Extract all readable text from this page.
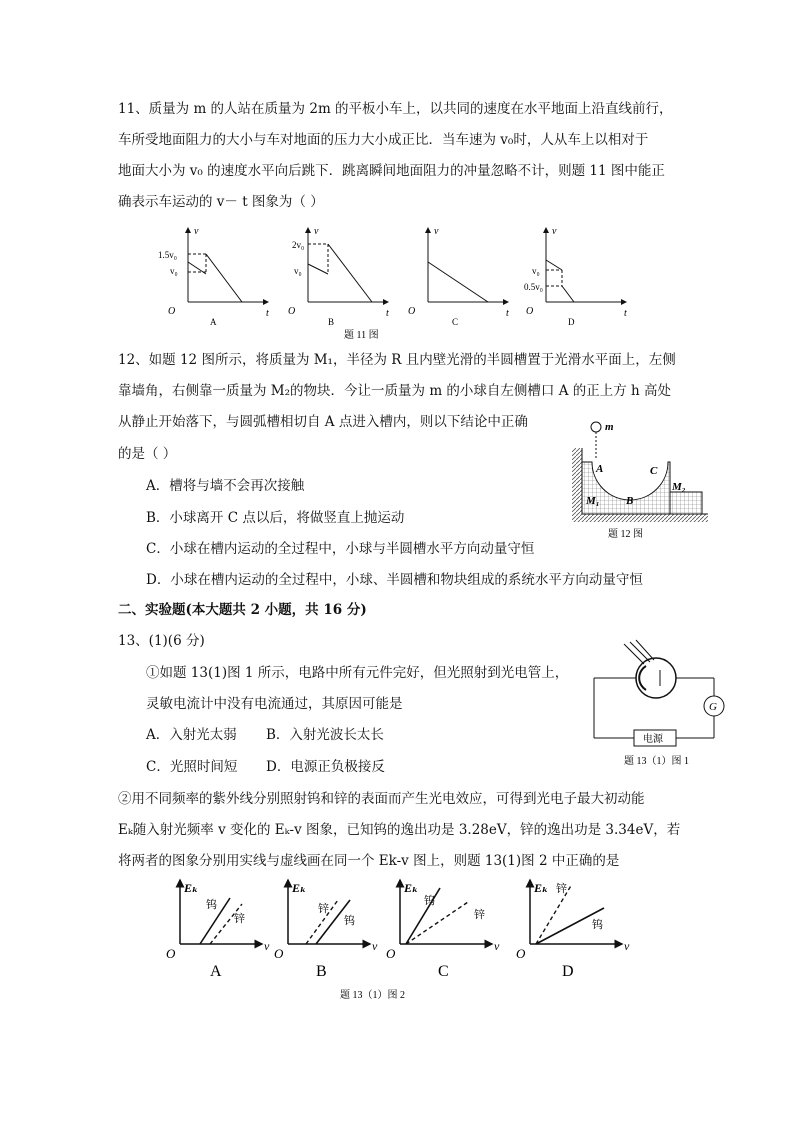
11、质量为 m 的人站在质量为 2m 的平板小车上，以共同的速度在水平地面上沿直线前行，
车所受地面阻力的大小与车对地面的压力大小成正比．当车速为 v₀时，人从车上以相对于
地面大小为 v₀ 的速度水平向后跳下．跳离瞬间地面阻力的冲量忽略不计，则题 11 图中能正
确表示车运动的 v－ t 图象为（ ）
v
t
O
1.5v₀
v₀
A
v
t
O
2v₀
v₀
B
v
t
O
C
v
t
O
v₀
0.5v₀
D
题 11 图
12、如题 12 图所示，将质量为 M₁，半径为 R 且内壁光滑的半圆槽置于光滑水平面上，左侧
靠墙角，右侧靠一质量为 M₂的物块．今让一质量为 m 的小球自左侧槽口 A 的正上方 h 高处
从静止开始落下，与圆弧槽相切自 A 点进入槽内，则以下结论中正确
的是（ ）
A．槽将与墙不会再次接触
B．小球离开 C 点以后，将做竖直上抛运动
C．小球在槽内运动的全过程中，小球与半圆槽水平方向动量守恒
D．小球在槽内运动的全过程中，小球、半圆槽和物块组成的系统水平方向动量守恒
m
A
B
C
M₁
M₂
题 12 图
二、实验题(本大题共 2 小题，共 16 分)
13、(1)(6 分)
①如题 13(1)图 1 所示，电路中所有元件完好，但光照射到光电管上，
灵敏电流计中没有电流通过，其原因可能是
A．入射光太弱 B．入射光波长太长
C．光照时间短 D．电源正负极接反
G
电源
题 13（1）图 1
②用不同频率的紫外线分别照射钨和锌的表面而产生光电效应，可得到光电子最大初动能
Eₖ随入射光频率 v 变化的 Eₖ-v 图象，已知钨的逸出功是 3.28eV，锌的逸出功是 3.34eV，若
将两者的图象分别用实线与虚线画在同一个 Ek-v 图上，则题 13(1)图 2 中正确的是
Eₖ
v
O
钨
锌
A
Eₖ
v
O
锌
钨
B
Eₖ
v
O
钨
锌
C
Eₖ
v
O
锌
钨
D
题 13（1）图 2
